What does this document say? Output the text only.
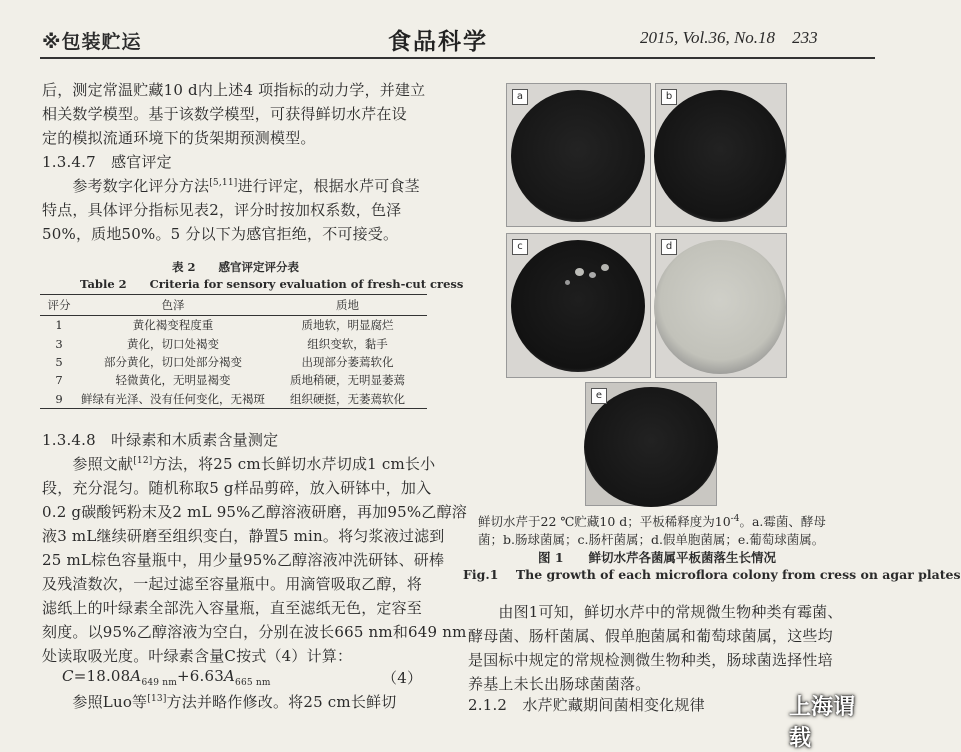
※包装贮运	食品科学	2015, Vol.36, No.18 233
后，测定常温贮藏10 d内上述4 项指标的动力学，并建立
相关数学模型。基于该数学模型，可获得鲜切水芹在设
定的模拟流通环境下的货架期预测模型。
1.3.4.7　感官评定
　　参考数字化评分方法[5,11]进行评定，根据水芹可食茎
特点，具体评分指标见表2，评分时按加权系数，色泽
50%，质地50%。5 分以下为感官拒绝，不可接受。
表 2　　感官评定评分表
Table 2　　Criteria for sensory evaluation of fresh-cut cress
评分	色泽	质地
1	黄化褐变程度重	质地软，明显腐烂
3	黄化，切口处褐变	组织变软，黏手
5	部分黄化，切口处部分褐变	出现部分萎蔫软化
7	轻微黄化，无明显褐变	质地稍硬，无明显萎蔫
9	鲜绿有光泽、没有任何变化，无褐斑	组织硬挺，无萎蔫软化
1.3.4.8　叶绿素和木质素含量测定
　　参照文献[12]方法，将25 cm长鲜切水芹切成1 cm长小
段，充分混匀。随机称取5 g样品剪碎，放入研钵中，加入
0.2 g碳酸钙粉末及2 mL 95%乙醇溶液研磨，再加95%乙醇溶
液3 mL继续研磨至组织变白，静置5 min。将匀浆液过滤到
25 mL棕色容量瓶中，用少量95%乙醇溶液冲洗研钵、研棒
及残渣数次，一起过滤至容量瓶中。用滴管吸取乙醇，将
滤纸上的叶绿素全部洗入容量瓶，直至滤纸无色，定容至
刻度。以95%乙醇溶液为空白，分别在波长665 nm和649 nm
处读取吸光度。叶绿素含量C按式（4）计算：
$C=18.08A_{649 nm}+6.63A_{665 nm}$	（4）
　　参照Luo等[13]方法并略作修改。将25 cm长鲜切
a	b
c	d
e
鲜切水芹于22 ℃贮藏10 d；平板稀释度为$10^{-4}$。a.霉菌、酵母
菌；b.肠球菌属；c.肠杆菌属；d.假单胞菌属；e.葡萄球菌属。
图 1　　鲜切水芹各菌属平板菌落生长情况
Fig.1 The growth of each microflora colony from cress on agar plates
　　由图1可知，鲜切水芹中的常规微生物种类有霉菌、
酵母菌、肠杆菌属、假单胞菌属和葡萄球菌属，这些均
是国标中规定的常规检测微生物种类，肠球菌选择性培
养基上未长出肠球菌菌落。
2.1.2　水芹贮藏期间菌相变化规律	上海谓载
